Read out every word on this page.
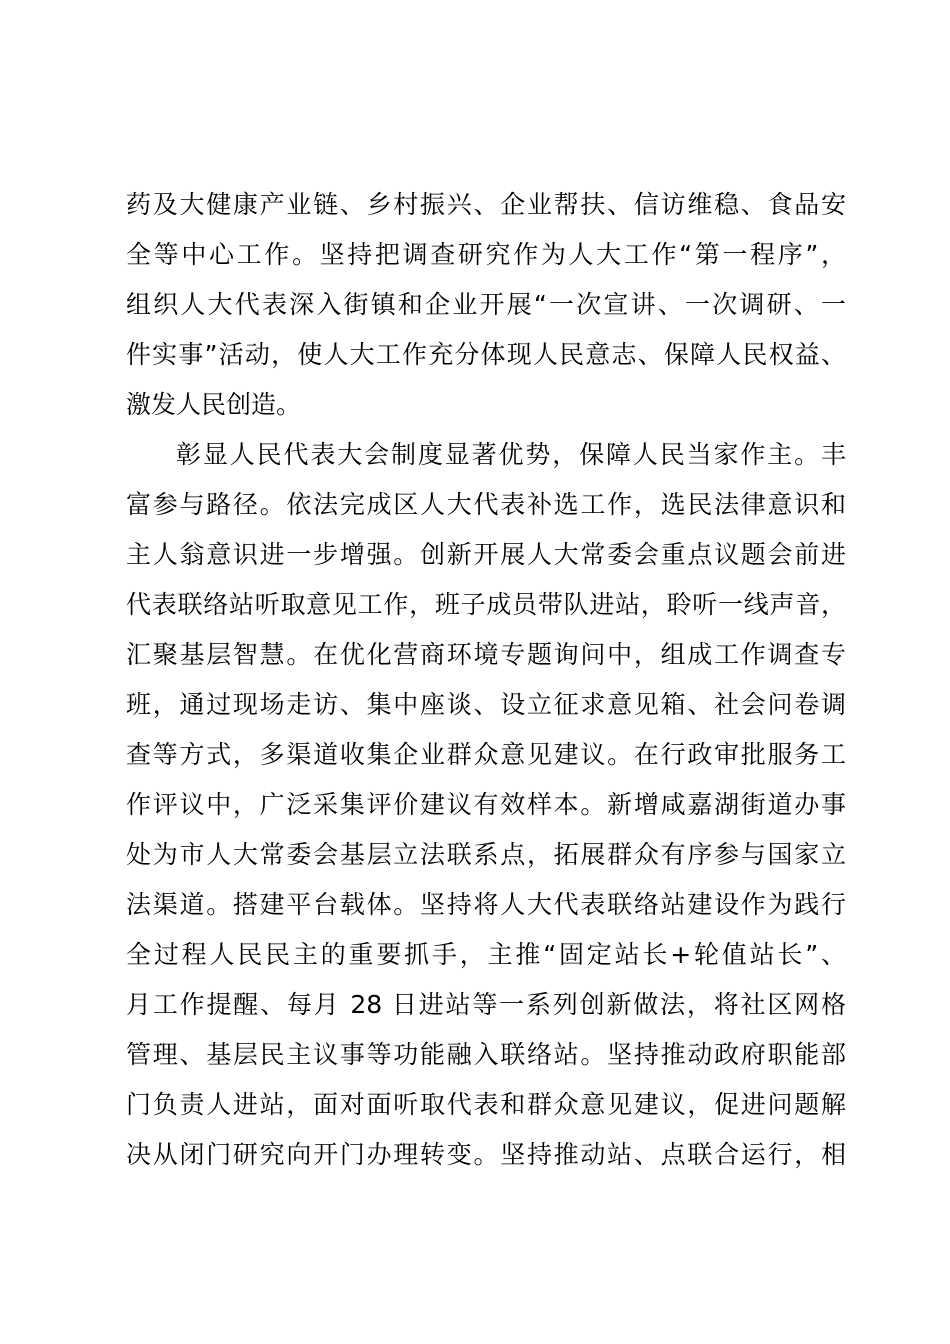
药及大健康产业链、乡村振兴、企业帮扶、信访维稳、食品安
全等中心工作。坚持把调查研究作为人大工作“第一程序”，
组织人大代表深入街镇和企业开展“一次宣讲、一次调研、一
件实事”活动，使人大工作充分体现人民意志、保障人民权益、
激发人民创造。
彰显人民代表大会制度显著优势，保障人民当家作主。丰
富参与路径。依法完成区人大代表补选工作，选民法律意识和
主人翁意识进一步增强。创新开展人大常委会重点议题会前进
代表联络站听取意见工作，班子成员带队进站，聆听一线声音，
汇聚基层智慧。在优化营商环境专题询问中，组成工作调查专
班，通过现场走访、集中座谈、设立征求意见箱、社会问卷调
查等方式，多渠道收集企业群众意见建议。在行政审批服务工
作评议中，广泛采集评价建议有效样本。新增咸嘉湖街道办事
处为市人大常委会基层立法联系点，拓展群众有序参与国家立
法渠道。搭建平台载体。坚持将人大代表联络站建设作为践行
全过程人民民主的重要抓手，主推“固定站长+轮值站长”、
月工作提醒、每月 28 日进站等一系列创新做法，将社区网格
管理、基层民主议事等功能融入联络站。坚持推动政府职能部
门负责人进站，面对面听取代表和群众意见建议，促进问题解
决从闭门研究向开门办理转变。坚持推动站、点联合运行，相
